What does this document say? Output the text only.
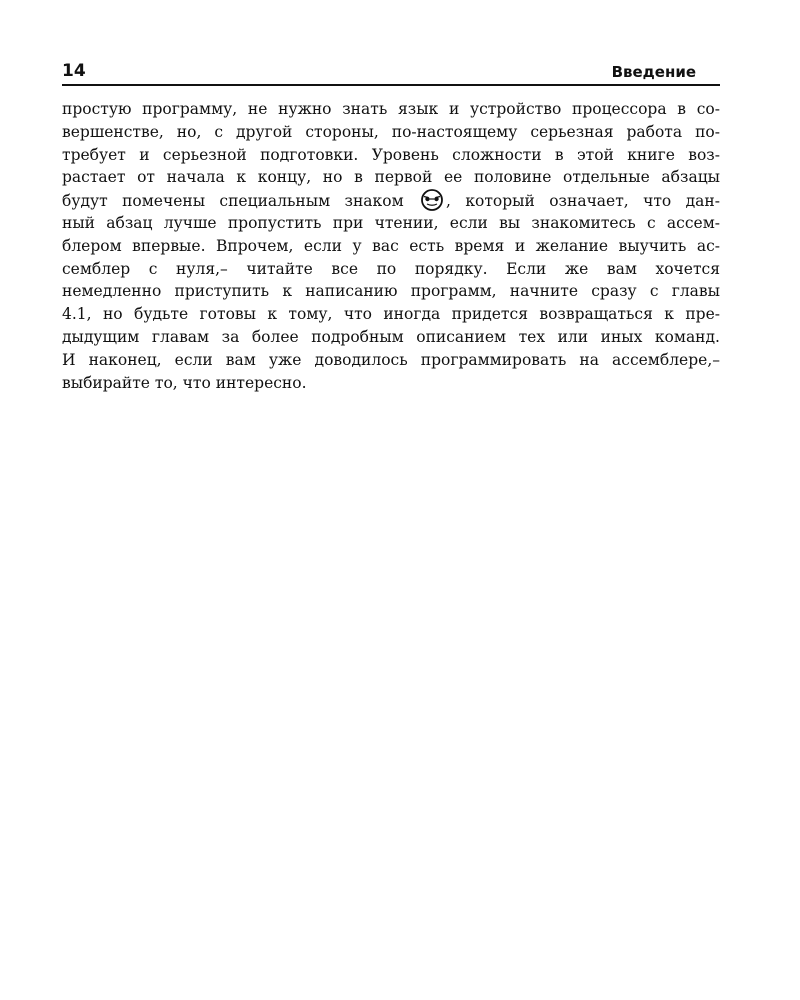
14	Введение
простую программу, не нужно знать язык и устройство процессора в со-
вершенстве, но, с другой стороны, по-настоящему серьезная работа по-
требует и серьезной подготовки. Уровень сложности в этой книге воз-
растает от начала к концу, но в первой ее половине отдельные абзацы
будут помечены специальным знаком	, который означает, что дан-
ный абзац лучше пропустить при чтении, если вы знакомитесь с ассем-
блером впервые. Впрочем, если у вас есть время и желание выучить ас-
семблер с нуля,– читайте все по порядку. Если же вам хочется
немедленно приступить к написанию программ, начните сразу с главы
4.1, но будьте готовы к тому, что иногда придется возвращаться к пре-
дыдущим главам за более подробным описанием тех или иных команд.
И наконец, если вам уже доводилось программировать на ассемблере,–
выбирайте то, что интересно.
